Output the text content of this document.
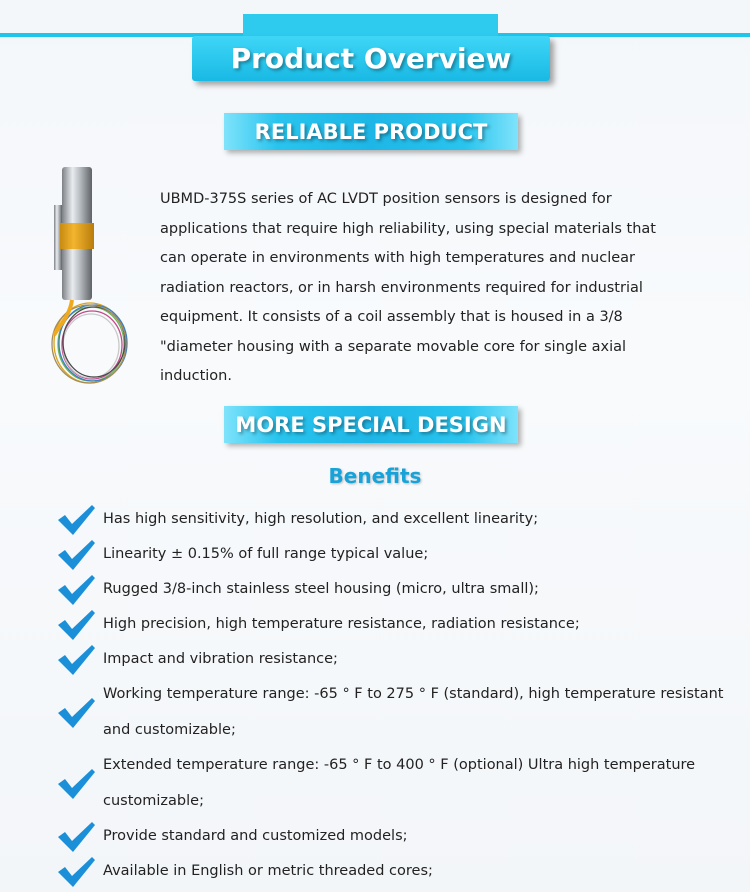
Product Overview
RELIABLE PRODUCT
UBMD-375S series of AC LVDT position sensors is designed for applications that require high reliability, using special materials that can operate in environments with high temperatures and nuclear radiation reactors, or in harsh environments required for industrial equipment. It consists of a coil assembly that is housed in a 3/8 "diameter housing with a separate movable core for single axial induction.
MORE SPECIAL DESIGN
Benefits
Has high sensitivity, high resolution, and excellent linearity;
Linearity ± 0.15% of full range typical value;
Rugged 3/8-inch stainless steel housing (micro, ultra small);
High precision, high temperature resistance, radiation resistance;
Impact and vibration resistance;
Working temperature range: -65 ° F to 275 ° F (standard), high temperature resistant and customizable;
Extended temperature range: -65 ° F to 400 ° F (optional) Ultra high temperature customizable;
Provide standard and customized models;
Available in English or metric threaded cores;
